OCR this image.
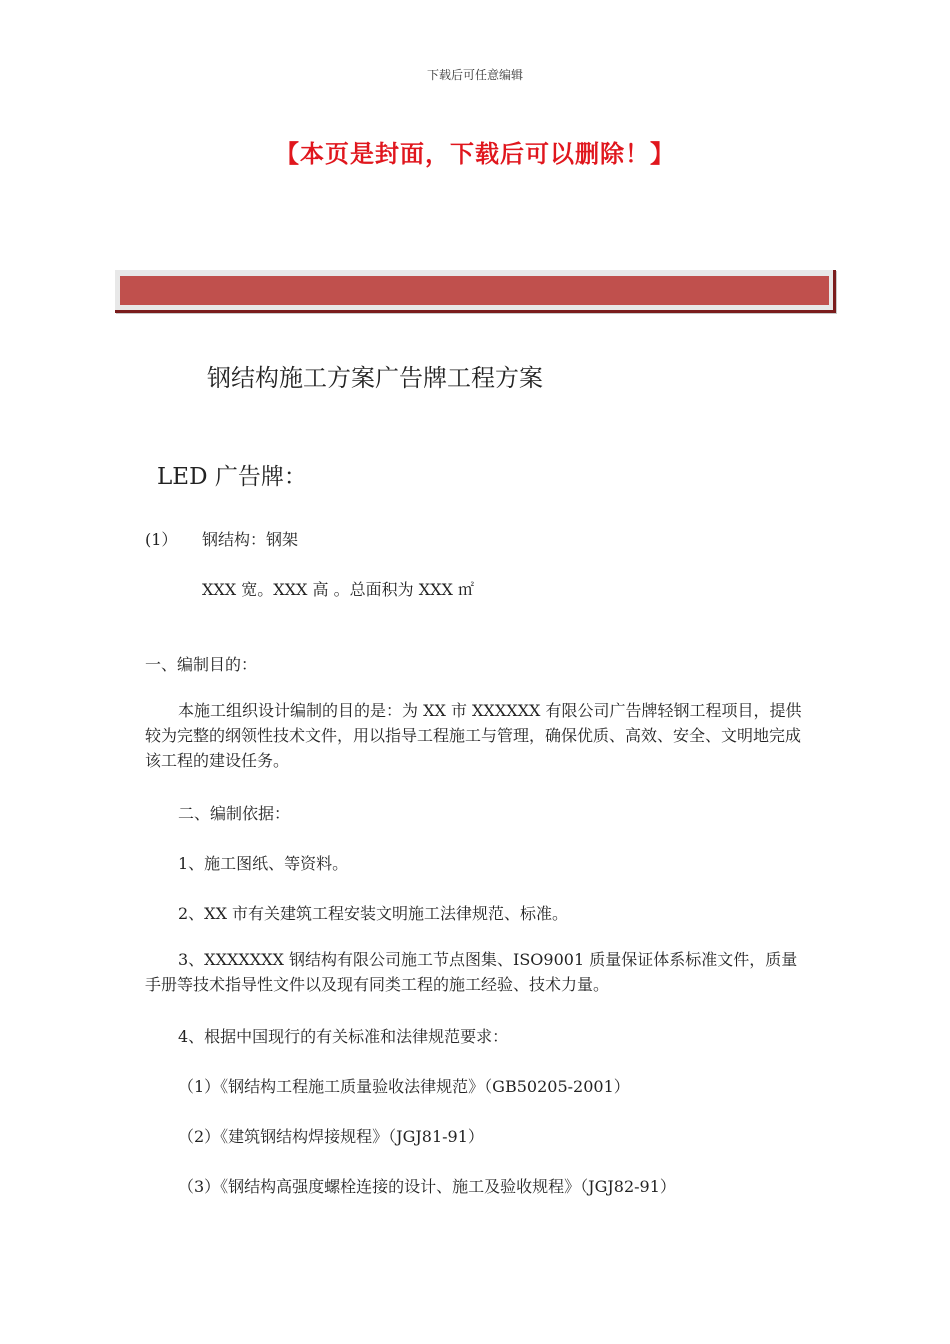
下载后可任意编辑
【本页是封面，下载后可以删除！】
钢结构施工方案广告牌工程方案
LED 广告牌：
(1） 钢结构：钢架
XXX 宽。XXX 高 。总面积为 XXX ㎡
一、编制目的：
本施工组织设计编制的目的是：为 XX 市 XXXXXX 有限公司广告牌轻钢工程项目，提供较为完整的纲领性技术文件，用以指导工程施工与管理，确保优质、高效、安全、文明地完成该工程的建设任务。
二、编制依据：
1、施工图纸、等资料。
2、XX 市有关建筑工程安装文明施工法律规范、标准。
3、XXXXXXX 钢结构有限公司施工节点图集、ISO9001 质量保证体系标准文件，质量手册等技术指导性文件以及现有同类工程的施工经验、技术力量。
4、根据中国现行的有关标准和法律规范要求：
（1）《钢结构工程施工质量验收法律规范》（GB50205-2001）
（2）《建筑钢结构焊接规程》（JGJ81-91）
（3）《钢结构高强度螺栓连接的设计、施工及验收规程》（JGJ82-91）
